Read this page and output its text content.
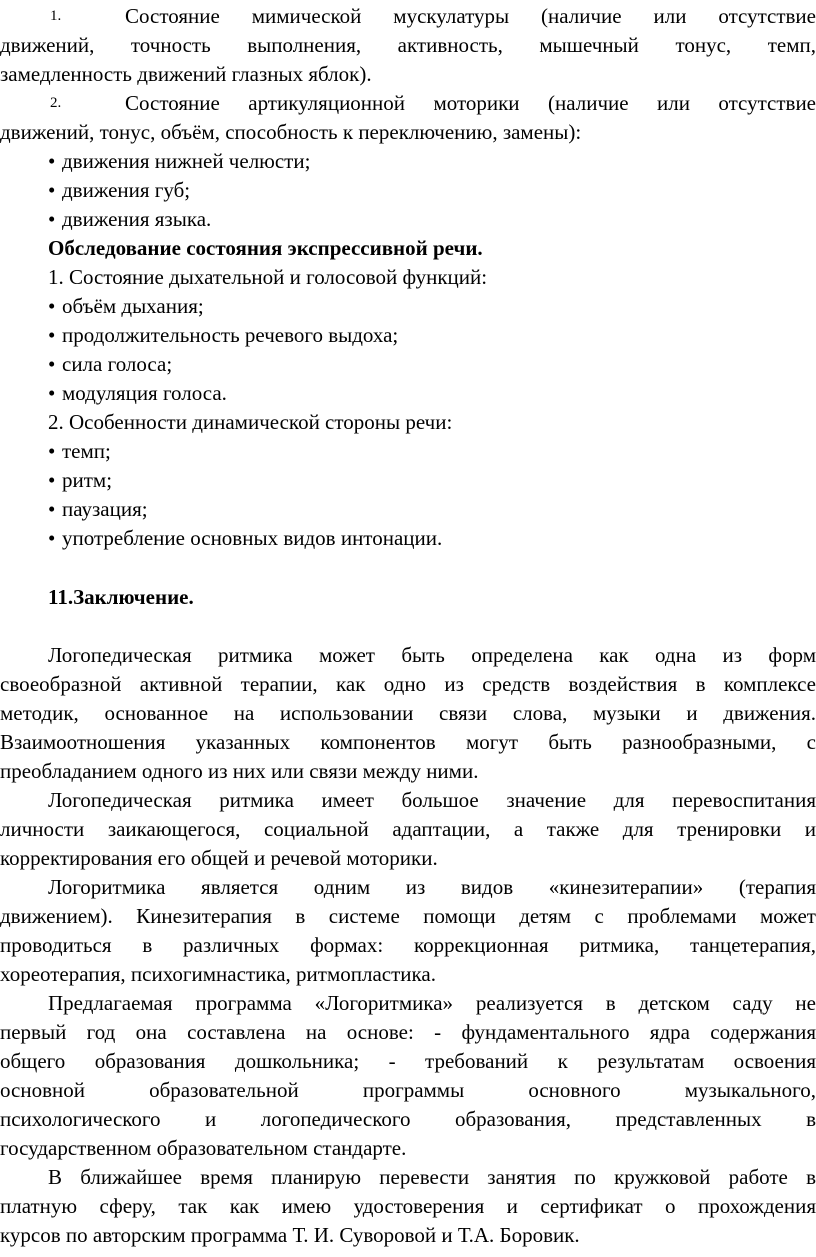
1.	Состояние мимической мускулатуры (наличие или отсутствие
движений, точность выполнения, активность, мышечный тонус, темп,
замедленность движений глазных яблок).
2.	Состояние артикуляционной моторики (наличие или отсутствие
движений, тонус, объём, способность к переключению, замены):
• движения нижней челюсти;
• движения губ;
• движения языка.
Обследование состояния экспрессивной речи.
1. Состояние дыхательной и голосовой функций:
• объём дыхания;
• продолжительность речевого выдоха;
• сила голоса;
• модуляция голоса.
2. Особенности динамической стороны речи:
• темп;
• ритм;
• паузация;
• употребление основных видов интонации.
11.Заключение.
Логопедическая ритмика может быть определена как одна из форм
своеобразной активной терапии, как одно из средств воздействия в комплексе
методик, основанное на использовании связи слова, музыки и движения.
Взаимоотношения указанных компонентов могут быть разнообразными, с
преобладанием одного из них или связи между ними.
Логопедическая ритмика имеет большое значение для перевоспитания
личности заикающегося, социальной адаптации, а также для тренировки и
корректирования его общей и речевой моторики.
Логоритмика является одним из видов «кинезитерапии» (терапия
движением). Кинезитерапия в системе помощи детям с проблемами может
проводиться в различных формах: коррекционная ритмика, танцетерапия,
хореотерапия, психогимнастика, ритмопластика.
Предлагаемая программа «Логоритмика» реализуется в детском саду не
первый год она составлена на основе: - фундаментального ядра содержания
общего образования дошкольника; - требований к результатам освоения
основной образовательной программы основного музыкального,
психологического и логопедического образования, представленных в
государственном образовательном стандарте.
В ближайшее время планирую перевести занятия по кружковой работе в
платную сферу, так как имею удостоверения и сертификат о прохождения
курсов по авторским программа Т. И. Суворовой и Т.А. Боровик.
